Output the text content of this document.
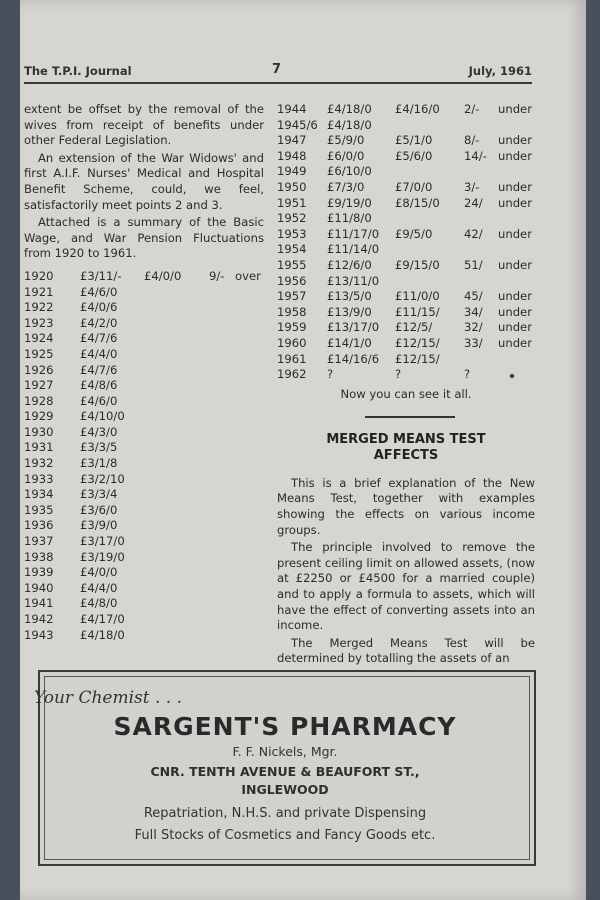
The T.P.I. Journal	7	July, 1961

extent be offset by the removal of the wives from receipt of benefits under other Federal Legislation.

An extension of the War Widows' and first A.I.F. Nurses' Medical and Hospital Benefit Scheme, could, we feel, satisfactorily meet points 2 and 3.

Attached is a summary of the Basic Wage, and War Pension Fluctuations from 1920 to 1961.

1920 £3/11/- £4/0/0 9/- over
1921 £4/6/0
1922 £4/0/6
1923 £4/2/0
1924 £4/7/6
1925 £4/4/0
1926 £4/7/6
1927 £4/8/6
1928 £4/6/0
1929 £4/10/0
1930 £4/3/0
1931 £3/3/5
1932 £3/1/8
1933 £3/2/10
1934 £3/3/4
1935 £3/6/0
1936 £3/9/0
1937 £3/17/0
1938 £3/19/0
1939 £4/0/0
1940 £4/4/0
1941 £4/8/0
1942 £4/17/0
1943 £4/18/0
1944 £4/18/0 £4/16/0 2/- under
1945/6 £4/18/0
1947 £5/9/0	£5/1/0	8/- under
1948 £6/0/0	£5/6/0	14/- under
1949 £6/10/0
1950 £7/3/0	£7/0/0	3/- under
1951 £9/19/0 £8/15/0 24/ under
1952 £11/8/0
1953 £11/17/0 £9/5/0	42/ under
1954 £11/14/0
1955 £12/6/0 £9/15/0 51/ under
1956 £13/11/0
1957 £13/5/0 £11/0/0 45/ under
1958 £13/9/0 £11/15/ 34/ under
1959 £13/17/0 £12/5/	32/ under
1960 £14/1/0 £12/15/ 33/ under
1961 £14/16/6 £12/15/
1962 ?	?	?
Now you can see it all.
MERGED MEANS TEST
AFFECTS

This is a brief explanation of the New Means Test, together with examples showing the effects on various income groups.

The principle involved to remove the present ceiling limit on allowed assets, (now at £2250 or £4500 for a married couple) and to apply a formula to assets, which will have the effect of converting assets into an income.

The Merged Means Test will be determined by totalling the assets of an

Your Chemist . . .
SARGENT'S PHARMACY
F. F. Nickels, Mgr.
CNR. TENTH AVENUE & BEAUFORT ST.,
INGLEWOOD
Repatriation, N.H.S. and private Dispensing
Full Stocks of Cosmetics and Fancy Goods etc.
